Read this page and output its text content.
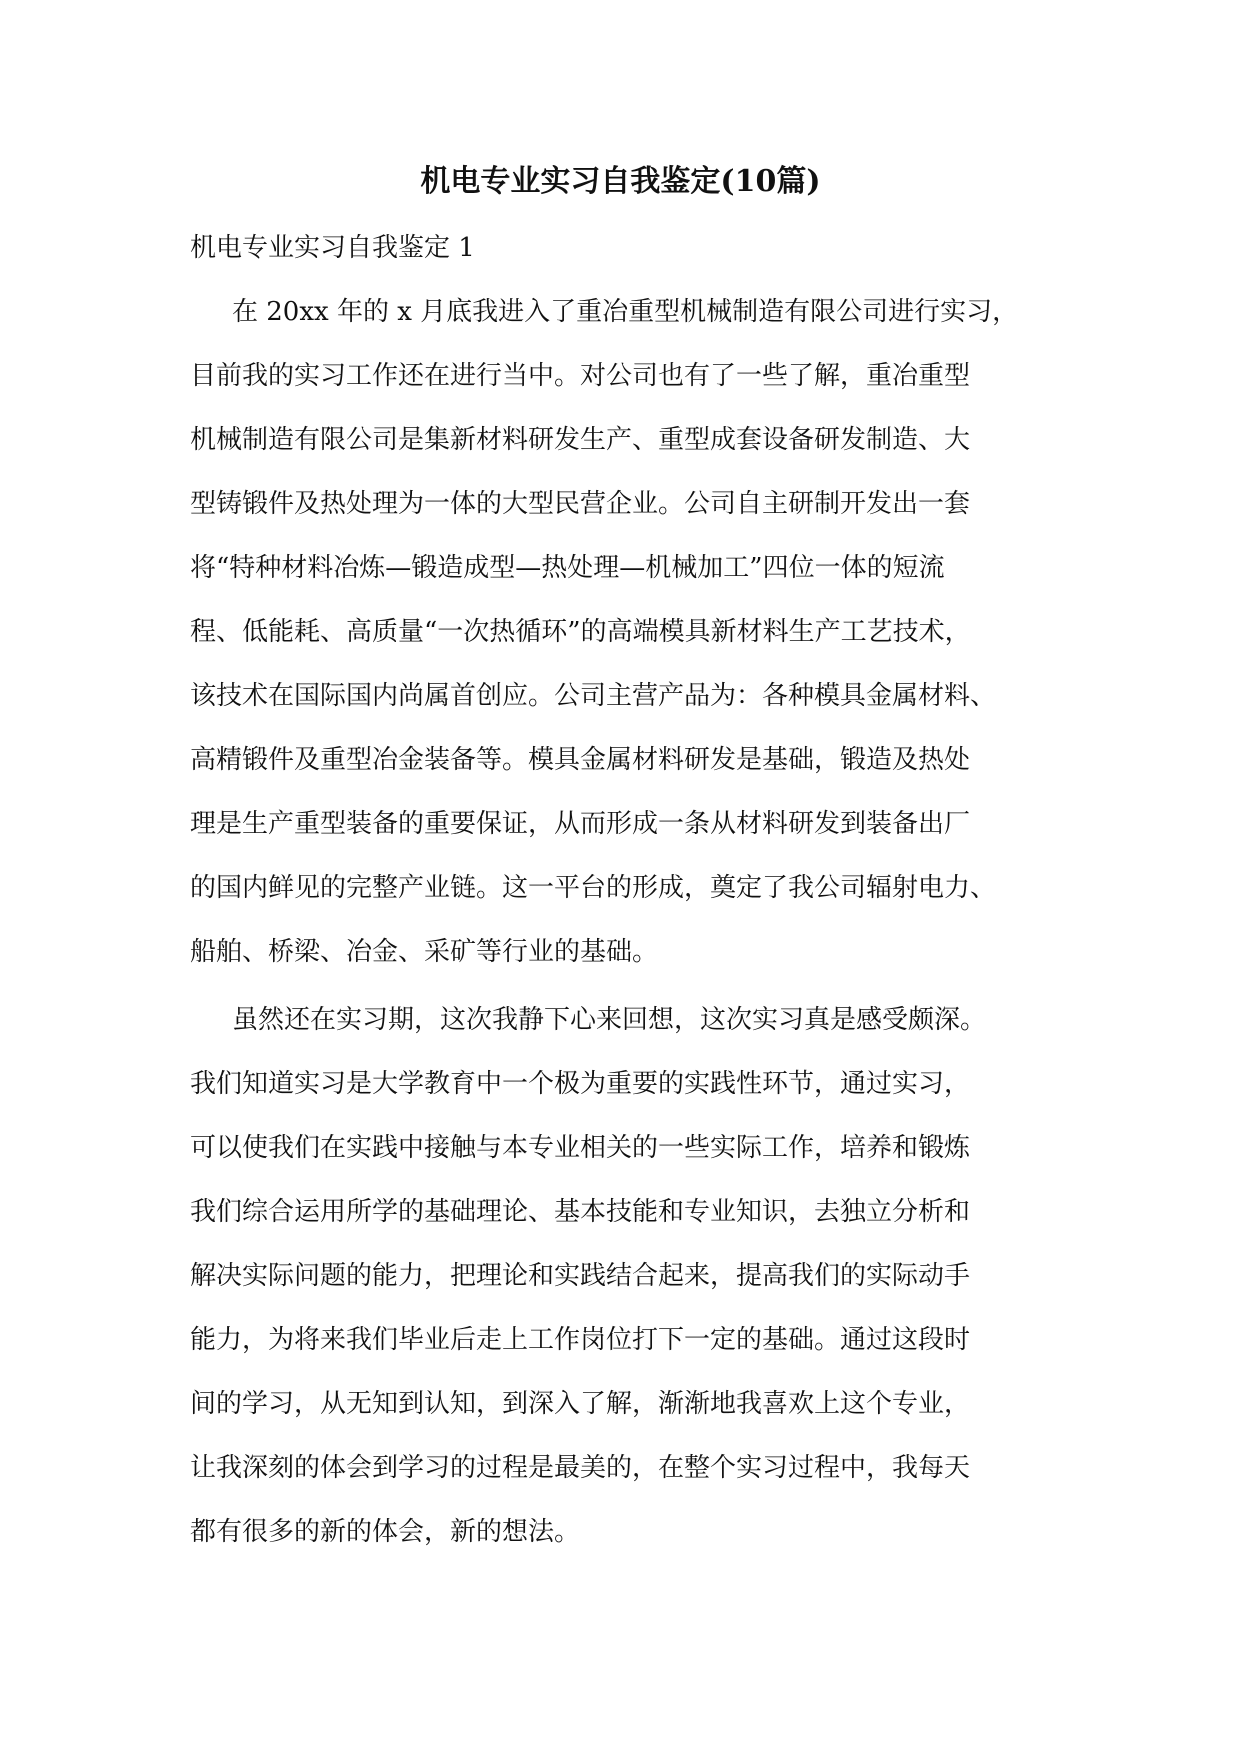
机电专业实习自我鉴定(10篇)
机电专业实习自我鉴定 1
在 20xx 年的 x 月底我进入了重冶重型机械制造有限公司进行实习，
目前我的实习工作还在进行当中。对公司也有了一些了解，重冶重型
机械制造有限公司是集新材料研发生产、重型成套设备研发制造、大
型铸锻件及热处理为一体的大型民营企业。公司自主研制开发出一套
将“特种材料冶炼—锻造成型—热处理—机械加工”四位一体的短流
程、低能耗、高质量“一次热循环”的高端模具新材料生产工艺技术，
该技术在国际国内尚属首创应。公司主营产品为：各种模具金属材料、
高精锻件及重型冶金装备等。模具金属材料研发是基础，锻造及热处
理是生产重型装备的重要保证，从而形成一条从材料研发到装备出厂
的国内鲜见的完整产业链。这一平台的形成，奠定了我公司辐射电力、
船舶、桥梁、冶金、采矿等行业的基础。
虽然还在实习期，这次我静下心来回想，这次实习真是感受颇深。
我们知道实习是大学教育中一个极为重要的实践性环节，通过实习，
可以使我们在实践中接触与本专业相关的一些实际工作，培养和锻炼
我们综合运用所学的基础理论、基本技能和专业知识，去独立分析和
解决实际问题的能力，把理论和实践结合起来，提高我们的实际动手
能力，为将来我们毕业后走上工作岗位打下一定的基础。通过这段时
间的学习，从无知到认知，到深入了解，渐渐地我喜欢上这个专业，
让我深刻的体会到学习的过程是最美的，在整个实习过程中，我每天
都有很多的新的体会，新的想法。
